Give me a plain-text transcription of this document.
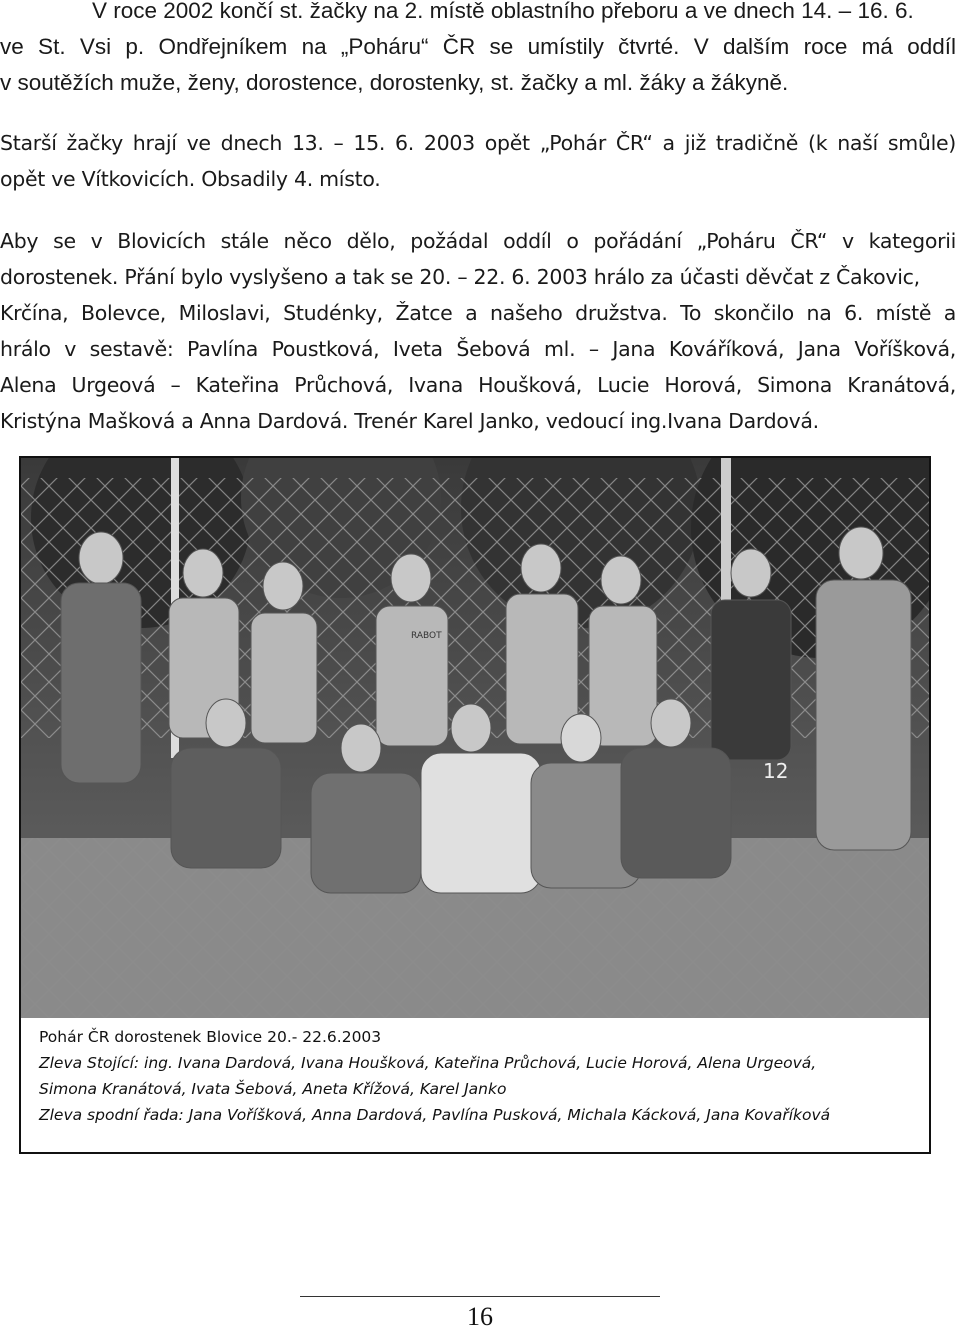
V roce 2002 končí st. žačky na 2. místě oblastního přeboru a ve dnech 14. – 16. 6.
ve St. Vsi p. Ondřejníkem na „Poháru“ ČR se umístily čtvrté. V dalším roce má oddíl
v soutěžích muže, ženy, dorostence, dorostenky, st. žačky a ml. žáky a žákyně.
Starší žačky hrají ve dnech 13. – 15. 6. 2003 opět „Pohár ČR“ a již tradičně (k naší smůle)
opět ve Vítkovicích. Obsadily 4. místo.
Aby se v Blovicích stále něco dělo, požádal oddíl o pořádání „Poháru ČR“ v kategorii
dorostenek. Přání bylo vyslyšeno a tak se 20. – 22. 6. 2003 hrálo za účasti děvčat z Čakovic,
Krčína, Bolevce, Miloslavi, Studénky, Žatce a našeho družstva. To skončilo na 6. místě a
hrálo v sestavě: Pavlína Poustková, Iveta Šebová ml. – Jana Kováříková, Jana Voříšková,
Alena Urgeová – Kateřina Průchová, Ivana Houšková, Lucie Horová, Simona Kranátová,
Kristýna Mašková a Anna Dardová. Trenér Karel Janko, vedoucí ing.Ivana Dardová.
12
RABOT
Pohár ČR dorostenek Blovice 20.- 22.6.2003
Zleva Stojící: ing. Ivana Dardová, Ivana Houšková, Kateřina Průchová, Lucie Horová, Alena Urgeová,
Simona Kranátová, Ivata Šebová, Aneta Křížová, Karel Janko
Zleva spodní řada: Jana Voříšková, Anna Dardová, Pavlína Pusková, Michala Kácková, Jana Kovaříková
16
